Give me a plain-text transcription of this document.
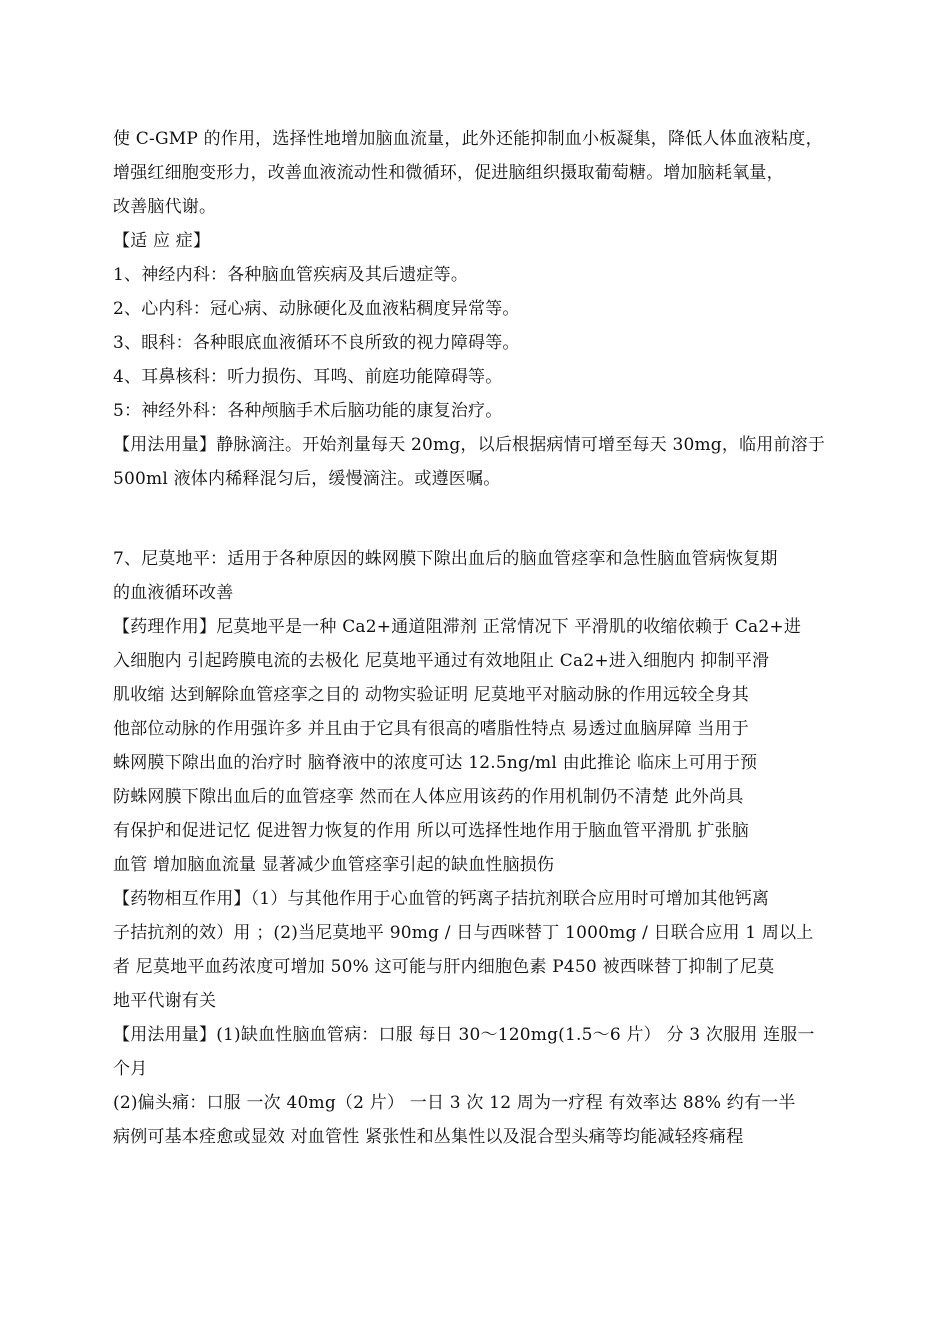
使 C-GMP 的作用，选择性地增加脑血流量，此外还能抑制血小板凝集，降低人体血液粘度，
增强红细胞变形力，改善血液流动性和微循环，促进脑组织摄取葡萄糖。增加脑耗氧量，
改善脑代谢。
【适 应 症】
1、神经内科：各种脑血管疾病及其后遗症等。
2、心内科：冠心病、动脉硬化及血液粘稠度异常等。
3、眼科：各种眼底血液循环不良所致的视力障碍等。
4、耳鼻核科：听力损伤、耳鸣、前庭功能障碍等。
5：神经外科：各种颅脑手术后脑功能的康复治疗。
【用法用量】静脉滴注。开始剂量每天 20mg，以后根据病情可增至每天 30mg，临用前溶于
500ml 液体内稀释混匀后，缓慢滴注。或遵医嘱。
7、尼莫地平：适用于各种原因的蛛网膜下隙出血后的脑血管痉挛和急性脑血管病恢复期
的血液循环改善
【药理作用】尼莫地平是一种 Ca2+通道阻滞剂 正常情况下 平滑肌的收缩依赖于 Ca2+进
入细胞内 引起跨膜电流的去极化 尼莫地平通过有效地阻止 Ca2+进入细胞内 抑制平滑
肌收缩 达到解除血管痉挛之目的 动物实验证明 尼莫地平对脑动脉的作用远较全身其
他部位动脉的作用强许多 并且由于它具有很高的嗜脂性特点 易透过血脑屏障 当用于
蛛网膜下隙出血的治疗时 脑脊液中的浓度可达 12.5ng/ml 由此推论 临床上可用于预
防蛛网膜下隙出血后的血管痉挛 然而在人体应用该药的作用机制仍不清楚 此外尚具
有保护和促进记忆 促进智力恢复的作用 所以可选择性地作用于脑血管平滑肌 扩张脑
血管 增加脑血流量 显著减少血管痉挛引起的缺血性脑损伤
【药物相互作用】（1）与其他作用于心血管的钙离子拮抗剂联合应用时可增加其他钙离
子拮抗剂的效）用 ；(2)当尼莫地平 90mg / 日与西咪替丁 1000mg / 日联合应用 1 周以上
者 尼莫地平血药浓度可增加 50% 这可能与肝内细胞色素 P450 被西咪替丁抑制了尼莫
地平代谢有关
【用法用量】(1)缺血性脑血管病：口服 每日 30～120mg(1.5～6 片） 分 3 次服用 连服一
个月
(2)偏头痛：口服 一次 40mg（2 片） 一日 3 次 12 周为一疗程 有效率达 88% 约有一半
病例可基本痊愈或显效 对血管性 紧张性和丛集性以及混合型头痛等均能减轻疼痛程
